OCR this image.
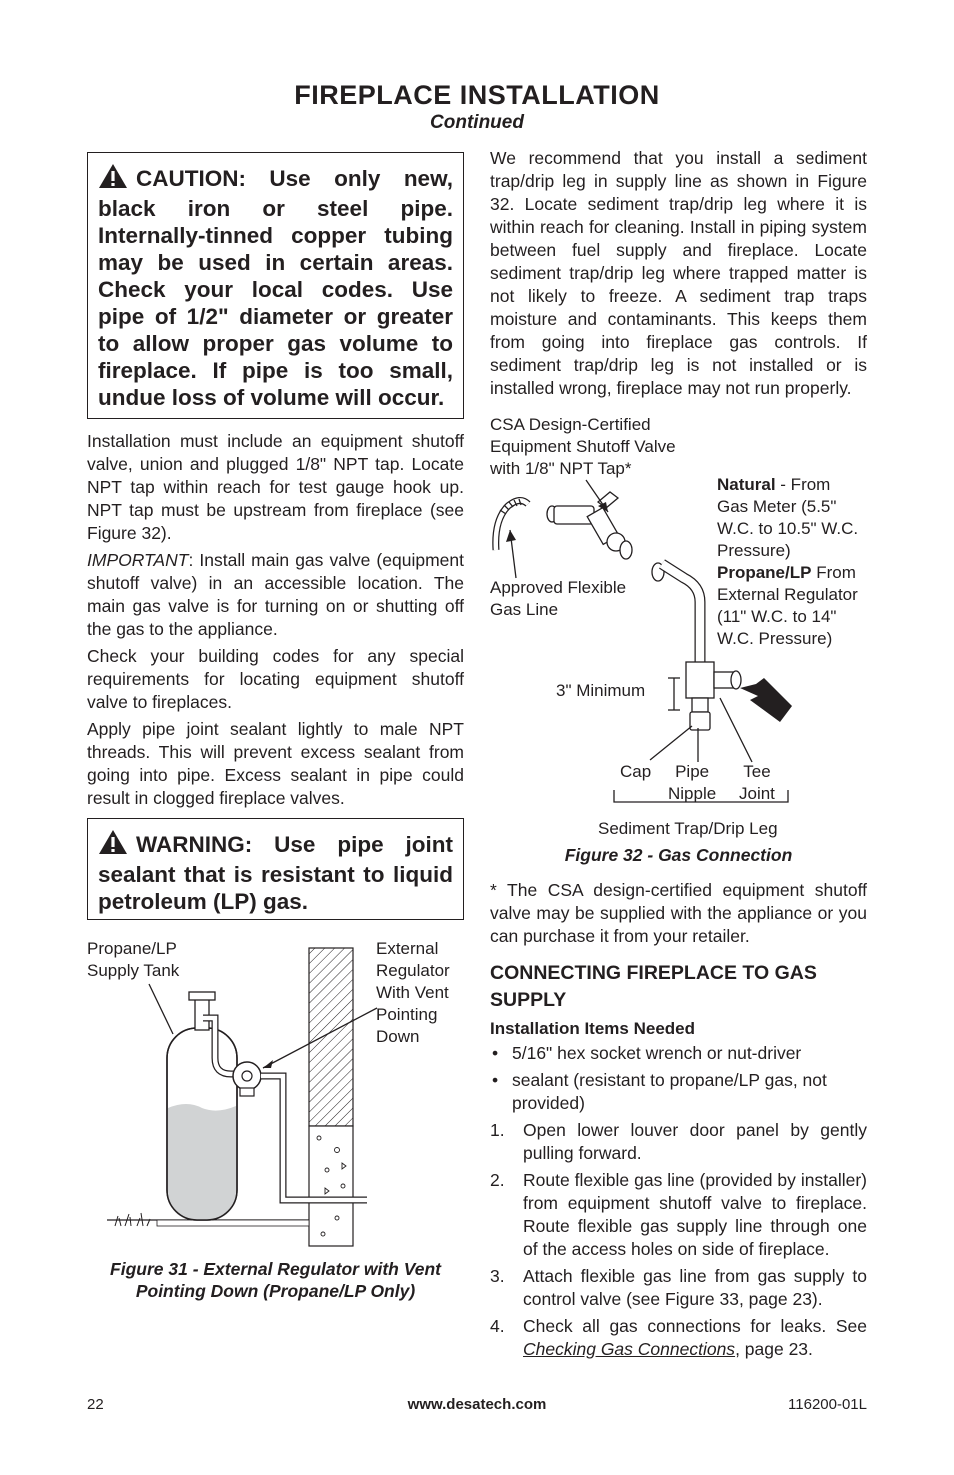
FIREPLACE INSTALLATION
Continued
CAUTION: Use only new, black iron or steel pipe. Internally-tinned copper tubing may be used in certain areas. Check your local codes. Use pipe of 1/2" diameter or greater to allow proper gas volume to fireplace. If pipe is too small, undue loss of volume will occur.

Installation must include an equipment shutoff valve, union and plugged 1/8" NPT tap. Locate NPT tap within reach for test gauge hook up. NPT tap must be upstream from fireplace (see Figure 32).

IMPORTANT: Install main gas valve (equipment shutoff valve) in an accessible location. The main gas valve is for turning on or shutting off the gas to the appliance.

Check your building codes for any special requirements for locating equipment shutoff valve to fireplaces.

Apply pipe joint sealant lightly to male NPT threads. This will prevent excess sealant from going into pipe. Excess sealant in pipe could result in clogged fireplace valves.

WARNING: Use pipe joint sealant that is resistant to liquid petroleum (LP) gas.
Propane/LP
Supply Tank
External
Regulator
With Vent
Pointing
Down
Figure 31 - External Regulator with Vent
Pointing Down (Propane/LP Only)

We recommend that you install a sediment trap/drip leg in supply line as shown in Figure 32. Locate sediment trap/drip leg where it is within reach for cleaning. Install in piping system between fuel supply and fireplace. Locate sediment trap/drip leg where trapped matter is not likely to freeze. A sediment trap traps moisture and contaminants. This keeps them from going into fireplace gas controls. If sediment trap/drip leg is not installed or is installed wrong, fireplace may not run properly.

CSA Design-Certified
Equipment Shutoff Valve
with 1/8" NPT Tap*
Natural - From
Gas Meter (5.5"
W.C. to 10.5" W.C.
Pressure)
Propane/LP From
External Regulator
(11" W.C. to 14"
W.C. Pressure)
Approved Flexible
Gas Line
3" Minimum
Cap	Pipe
Nipple
Tee
Joint
Sediment Trap/Drip Leg
Figure 32 - Gas Connection

* The CSA design-certified equipment shutoff valve may be supplied with the appliance or you can purchase it from your retailer.

CONNECTING FIREPLACE TO GAS
SUPPLY
Installation Items Needed
• 5/16" hex socket wrench or nut-driver
• sealant (resistant to propane/LP gas, not provided)
1. Open lower louver door panel by gently pulling forward.
2. Route flexible gas line (provided by installer) from equipment shutoff valve to fireplace. Route flexible gas supply line through one of the access holes on side of fireplace.
3. Attach flexible gas line from gas supply to control valve (see Figure 33, page 23).
4. Check all gas connections for leaks. See Checking Gas Connections, page 23.
22	www.desatech.com	116200-01L
